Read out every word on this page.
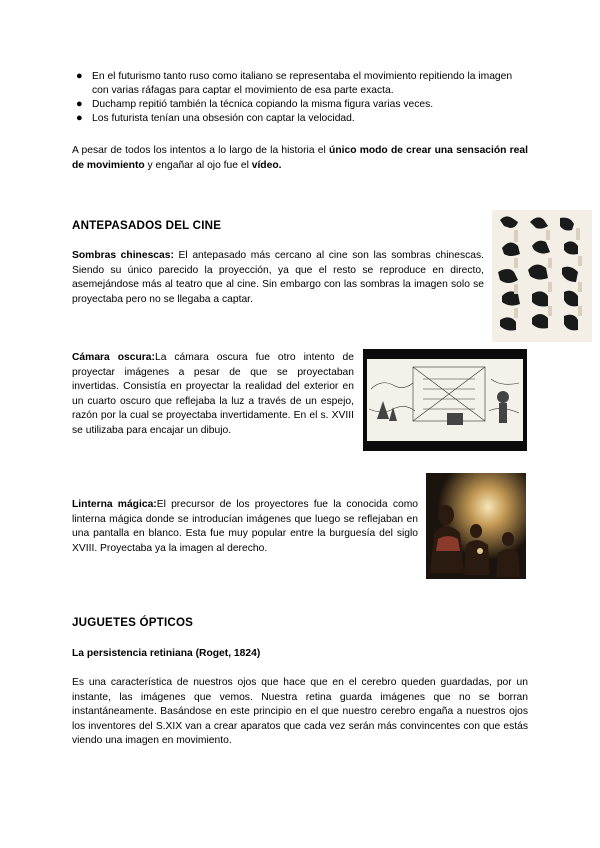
● En el futurismo tanto ruso como italiano se representaba el movimiento repitiendo la imagen con varias ráfagas para captar el movimiento de esa parte exacta.
● Duchamp repitió también la técnica copiando la misma figura varias veces.
● Los futurista tenían una obsesión con captar la velocidad.
A pesar de todos los intentos a lo largo de la historia el único modo de crear una sensación real de movimiento y engañar al ojo fue el vídeo.
ANTEPASADOS DEL CINE
Sombras chinescas: El antepasado más cercano al cine son las sombras chinescas. Siendo su único parecido la proyección, ya que el resto se reproduce en directo, asemejándose más al teatro que al cine. Sin embargo con las sombras la imagen solo se proyectaba pero no se llegaba a captar.
Cámara oscura:La cámara oscura fue otro intento de proyectar imágenes a pesar de que se proyectaban invertidas. Consistía en proyectar la realidad del exterior en un cuarto oscuro que reflejaba la luz a través de un espejo, razón por la cual se proyectaba invertidamente. En el s. XVIII se utilizaba para encajar un dibujo.
Linterna mágica:El precursor de los proyectores fue la conocida como linterna mágica donde se introducían imágenes que luego se reflejaban en una pantalla en blanco. Esta fue muy popular entre la burguesía del siglo XVIII. Proyectaba ya la imagen al derecho.
JUGUETES ÓPTICOS
La persistencia retiniana (Roget, 1824)
Es una característica de nuestros ojos que hace que en el cerebro queden guardadas, por un instante, las imágenes que vemos. Nuestra retina guarda imágenes que no se borran instantáneamente. Basándose en este principio en el que nuestro cerebro engaña a nuestros ojos los inventores del S.XIX van a crear aparatos que cada vez serán más convincentes con que estás viendo una imagen en movimiento.
